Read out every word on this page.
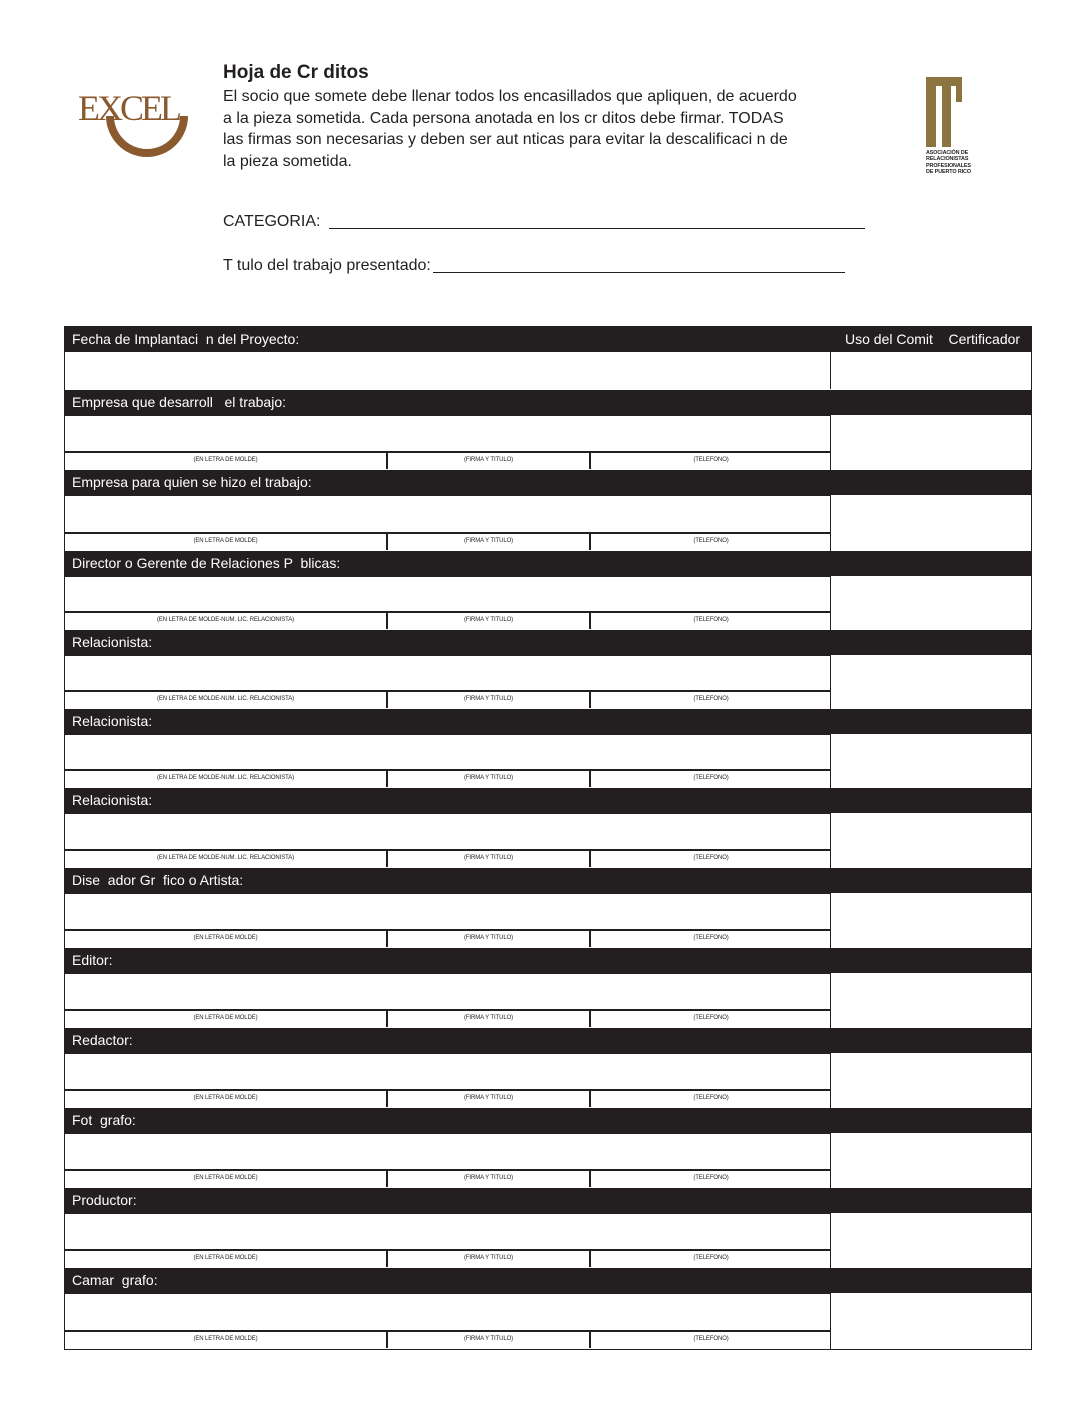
EXCEL
ASOCIACIÓN DE
RELACIONISTAS
PROFESIONALES
DE PUERTO RICO
Hoja de Cr ditos
El socio que somete debe llenar todos los encasillados que apliquen, de acuerdo
a la pieza sometida. Cada persona anotada en los cr ditos debe firmar. TODAS
las firmas son necesarias y deben ser aut nticas para evitar la descalificaci n de
la pieza sometida.
CATEGORIA:
T tulo del trabajo presentado:
Fecha de Implantaci  n del Proyecto:	Uso del Comit    Certificador
Empresa que desarroll   el trabajo:
(EN LETRA DE MOLDE)	(FIRMA Y TITULO)	(TELEFONO)
Empresa para quien se hizo el trabajo:
(EN LETRA DE MOLDE)	(FIRMA Y TITULO)	(TELEFONO)
Director o Gerente de Relaciones P  blicas:
(EN LETRA DE MOLDE-NUM. LIC. RELACIONISTA)	(FIRMA Y TITULO)	(TELEFONO)
Relacionista:
(EN LETRA DE MOLDE-NUM. LIC. RELACIONISTA)	(FIRMA Y TITULO)	(TELEFONO)
Relacionista:
(EN LETRA DE MOLDE-NUM. LIC. RELACIONISTA)	(FIRMA Y TITULO)	(TELEFONO)
Relacionista:
(EN LETRA DE MOLDE-NUM. LIC. RELACIONISTA)	(FIRMA Y TITULO)	(TELEFONO)
Dise  ador Gr  fico o Artista:
(EN LETRA DE MOLDE)	(FIRMA Y TITULO)	(TELEFONO)
Editor:
(EN LETRA DE MOLDE)	(FIRMA Y TITULO)	(TELEFONO)
Redactor:
(EN LETRA DE MOLDE)	(FIRMA Y TITULO)	(TELEFONO)
Fot  grafo:
(EN LETRA DE MOLDE)	(FIRMA Y TITULO)	(TELEFONO)
Productor:
(EN LETRA DE MOLDE)	(FIRMA Y TITULO)	(TELEFONO)
Camar  grafo:
(EN LETRA DE MOLDE)	(FIRMA Y TITULO)	(TELEFONO)
